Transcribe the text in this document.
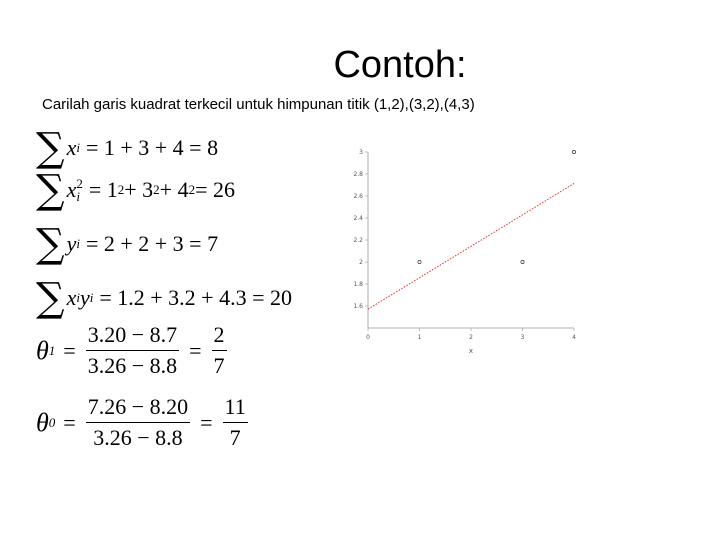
Contoh:
Carilah garis kuadrat terkecil untuk himpunan titik (1,2),(3,2),(4,3)
∑ x i = 1 + 3 + 4 = 8
∑ x 2
i = 1 2 + 3 2 + 4 2 = 26
∑ y i = 2 + 2 + 3 = 7
∑ x i y i = 1.2 + 3.2 + 4.3 = 20
θ $1 = \frac{3.20 - 8.7}{3.26 - 8.8} = \frac{2}{7}$
θ $0 = \frac{7.26 - 8.20}{3.26 - 8.8} = \frac{11}{7}$
1.6
1.8
2
2.2
2.4
2.6
2.8
3
0	1	2	3	4
x
